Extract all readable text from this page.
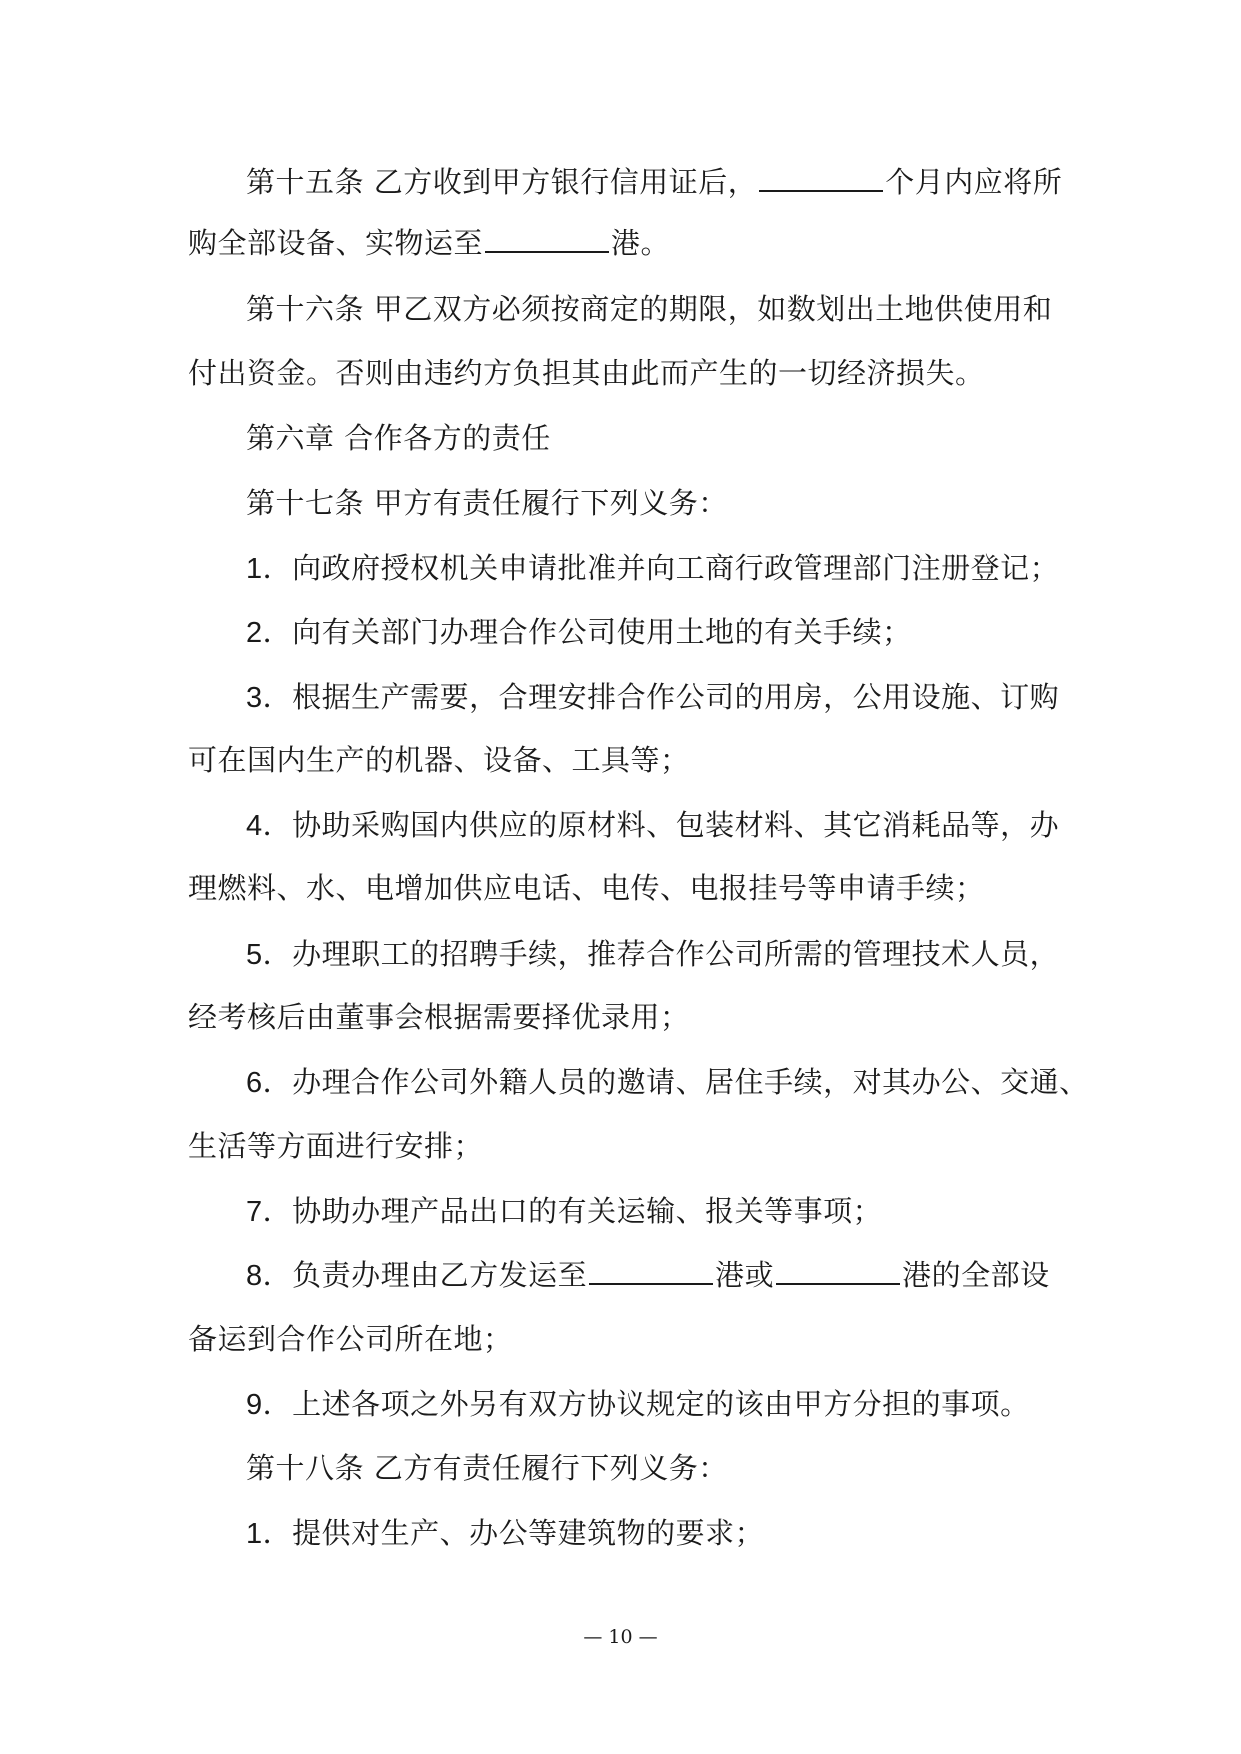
第十五条 乙方收到甲方银行信用证后，	个月内应将所
购全部设备、实物运至	港。
第十六条 甲乙双方必须按商定的期限，如数划出土地供使用和
付出资金。否则由违约方负担其由此而产生的一切经济损失。
第六章 合作各方的责任
第十七条 甲方有责任履行下列义务：
1．向政府授权机关申请批准并向工商行政管理部门注册登记；
2．向有关部门办理合作公司使用土地的有关手续；
3．根据生产需要，合理安排合作公司的用房，公用设施、订购
可在国内生产的机器、设备、工具等；
4．协助采购国内供应的原材料、包装材料、其它消耗品等，办
理燃料、水、电增加供应电话、电传、电报挂号等申请手续；
5．办理职工的招聘手续，推荐合作公司所需的管理技术人员，
经考核后由董事会根据需要择优录用；
6．办理合作公司外籍人员的邀请、居住手续，对其办公、交通、
生活等方面进行安排；
7．协助办理产品出口的有关运输、报关等事项；
8．负责办理由乙方发运至	港或	港的全部设
备运到合作公司所在地；
9．上述各项之外另有双方协议规定的该由甲方分担的事项。
第十八条 乙方有责任履行下列义务：
1．提供对生产、办公等建筑物的要求；
— 10 —
